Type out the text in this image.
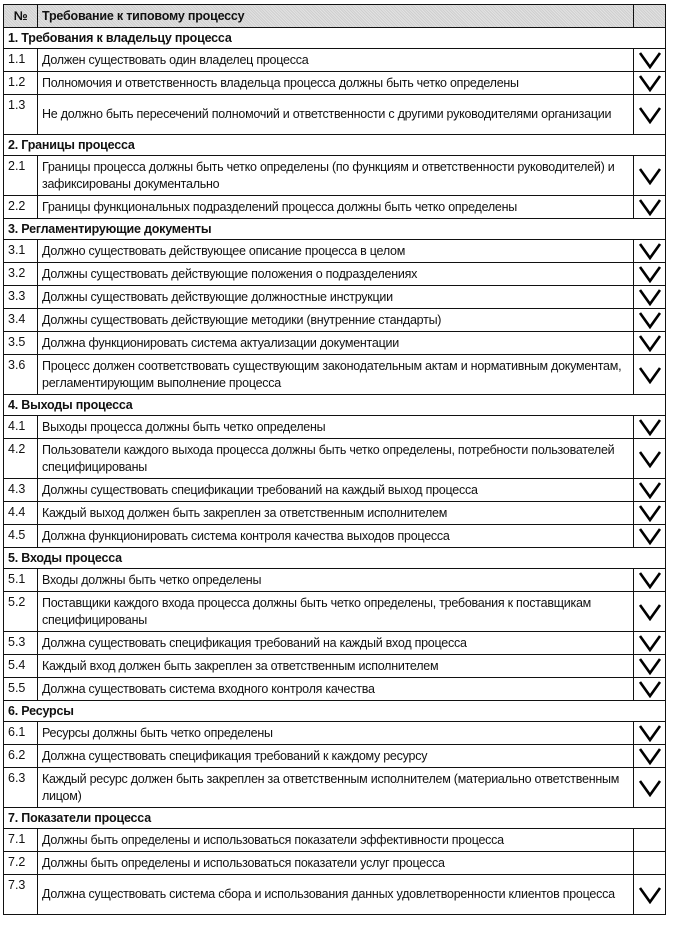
№	Требование к типовому процессу	
1. Требования к владельцу процесса		
1.1	Должен существовать один владелец процесса	
1.2	Полномочия и ответственность владельца процесса должны быть четко определены	
1.3	Не должно быть пересечений полномочий и ответственности с другими руководителями организации	
2. Границы процесса		
2.1	Границы процесса должны быть четко определены (по функциям и ответственности руководителей) и зафиксированы документально	
2.2	Границы функциональных подразделений процесса должны быть четко определены	
3. Регламентирующие документы		
3.1	Должно существовать действующее описание процесса в целом	
3.2	Должны существовать действующие положения о подразделениях	
3.3	Должны существовать действующие должностные инструкции	
3.4	Должны существовать действующие методики (внутренние стандарты)	
3.5	Должна функционировать система актуализации документации	
3.6	Процесс должен соответствовать существующим законодательным актам и нормативным документам, регламентирующим выполнение процесса	
4. Выходы процесса		
4.1	Выходы процесса должны быть четко определены	
4.2	Пользователи каждого выхода процесса должны быть четко определены, потребности пользователей специфицированы	
4.3	Должны существовать спецификации требований на каждый выход процесса	
4.4	Каждый выход должен быть закреплен за ответственным исполнителем	
4.5	Должна функционировать система контроля качества выходов процесса	
5. Входы процесса		
5.1	Входы должны быть четко определены	
5.2	Поставщики каждого входа процесса должны быть четко определены, требования к поставщикам специфицированы	
5.3	Должна существовать спецификация требований на каждый вход процесса	
5.4	Каждый вход должен быть закреплен за ответственным исполнителем	
5.5	Должна существовать система входного контроля качества	
6. Ресурсы		
6.1	Ресурсы должны быть четко определены	
6.2	Должна существовать спецификация требований к каждому ресурсу	
6.3	Каждый ресурс должен быть закреплен за ответственным исполнителем (материально ответственным лицом)	
7. Показатели процесса		
7.1	Должны быть определены и использоваться показатели эффективности процесса	
7.2	Должны быть определены и использоваться показатели услуг процесса	
7.3	Должна существовать система сбора и использования данных удовлетворенности клиентов процесса	
